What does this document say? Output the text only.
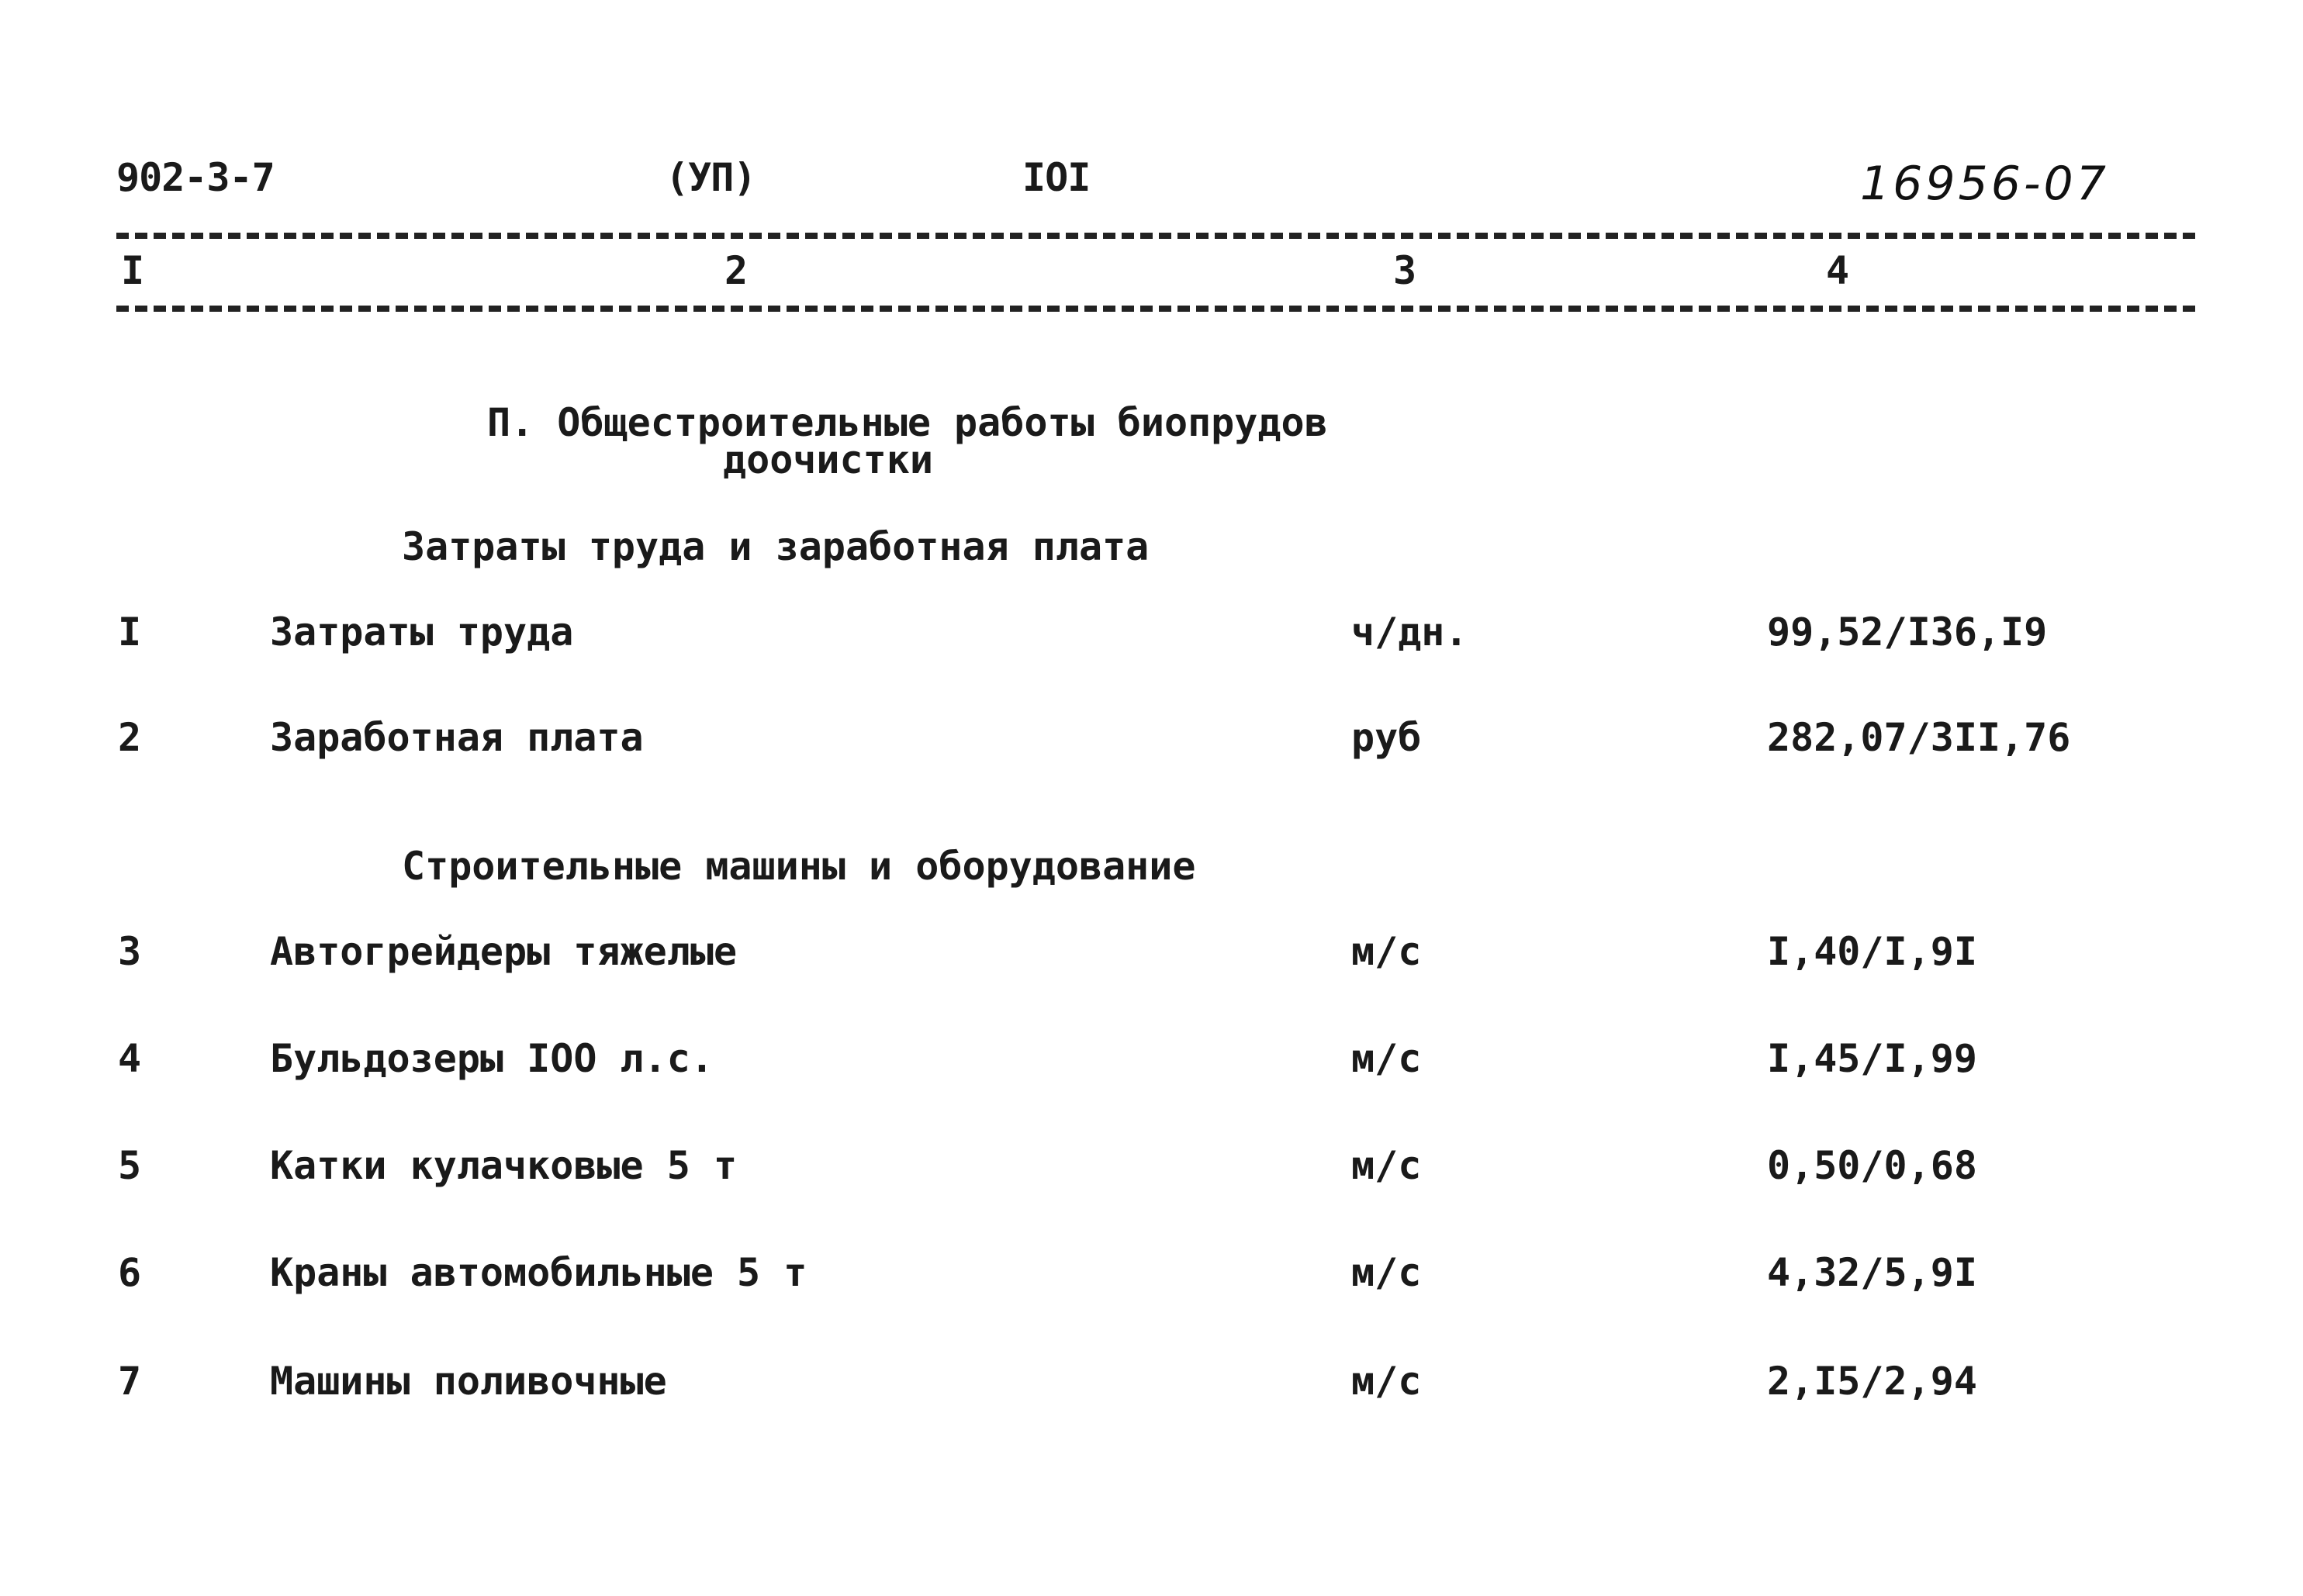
902-3-7	(УП)	IOI	16956-07
I	2	3	4
П. Общестроительные работы биопрудов
доочистки
Затраты труда и заработная плата
I	Затраты труда	ч/дн.	99,52/I36,I9
2	Заработная плата	руб	282,07/3II,76
Строительные машины и оборудование
3	Автогрейдеры тяжелые	м/с	I,40/I,9I
4	Бульдозеры IOO л.с.	м/с	I,45/I,99
5	Катки кулачковые 5 т	м/с	0,50/0,68
6	Краны автомобильные 5 т	м/с	4,32/5,9I
7	Машины поливочные	м/с	2,I5/2,94
